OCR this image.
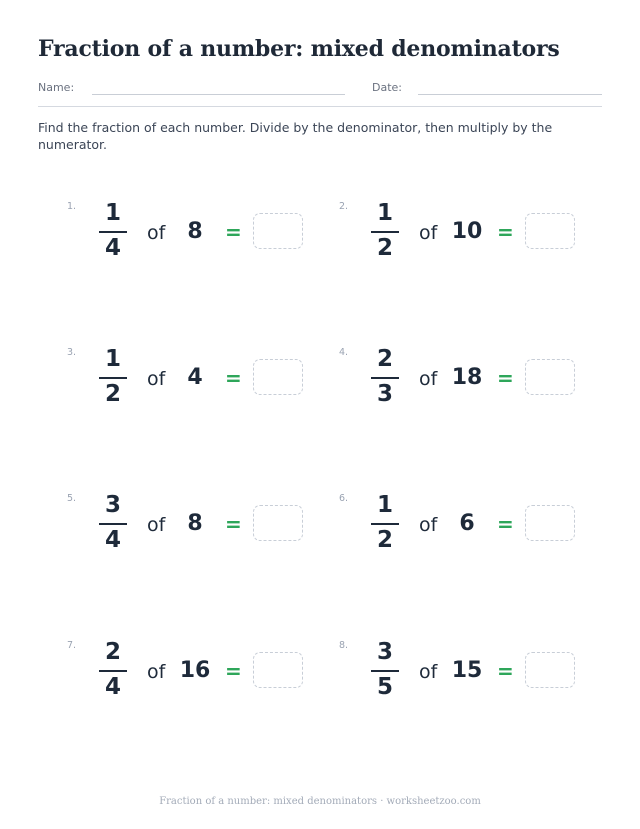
Fraction of a number: mixed denominators
Name:	Date:

Find the fraction of each number. Divide by the denominator, then multiply by the numerator.

1.	1
4
of	8	=
2.	1
2
of 10 =
3.	1
2
of	4	=
4.	2
3
of 18 =
5.	3
4
of	8	=
6.	1
2
of	6	=
7.	2
4
of 16 =
8.	3
5
of 15 =
Fraction of a number: mixed denominators · worksheetzoo.com
